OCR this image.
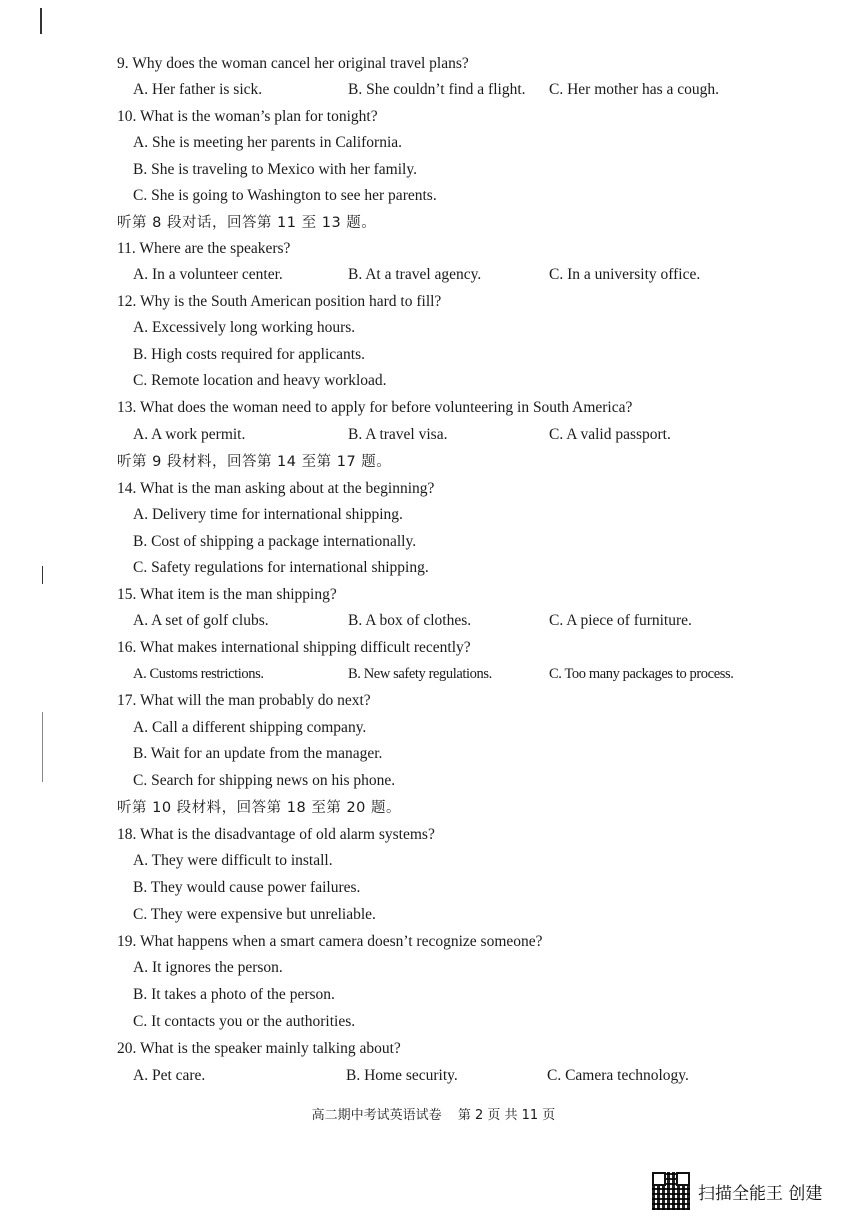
9. Why does the woman cancel her original travel plans?
A. Her father is sick.	B. She couldn’t find a flight. C. Her mother has a cough.
10. What is the woman’s plan for tonight?
A. She is meeting her parents in California.
B. She is traveling to Mexico with her family.
C. She is going to Washington to see her parents.
听第 8 段对话，回答第 11 至 13 题。
11. Where are the speakers?
A. In a volunteer center.	B. At a travel agency.	C. In a university office.
12. Why is the South American position hard to fill?
A. Excessively long working hours.
B. High costs required for applicants.
C. Remote location and heavy workload.
13. What does the woman need to apply for before volunteering in South America?
A. A work permit.	B. A travel visa.	C. A valid passport.
听第 9 段材料，回答第 14 至第 17 题。
14. What is the man asking about at the beginning?
A. Delivery time for international shipping.
B. Cost of shipping a package internationally.
C. Safety regulations for international shipping.
15. What item is the man shipping?
A. A set of golf clubs.	B. A box of clothes.	C. A piece of furniture.
16. What makes international shipping difficult recently?
A. Customs restrictions.	B. New safety regulations.	C. Too many packages to process.
17. What will the man probably do next?
A. Call a different shipping company.
B. Wait for an update from the manager.
C. Search for shipping news on his phone.
听第 10 段材料，回答第 18 至第 20 题。
18. What is the disadvantage of old alarm systems?
A. They were difficult to install.
B. They would cause power failures.
C. They were expensive but unreliable.
19. What happens when a smart camera doesn’t recognize someone?
A. It ignores the person.
B. It takes a photo of the person.
C. It contacts you or the authorities.
20. What is the speaker mainly talking about?
A. Pet care.	B. Home security.	C. Camera technology.
高二期中考试英语试卷 第 2 页 共 11 页
扫描全能王 创建
